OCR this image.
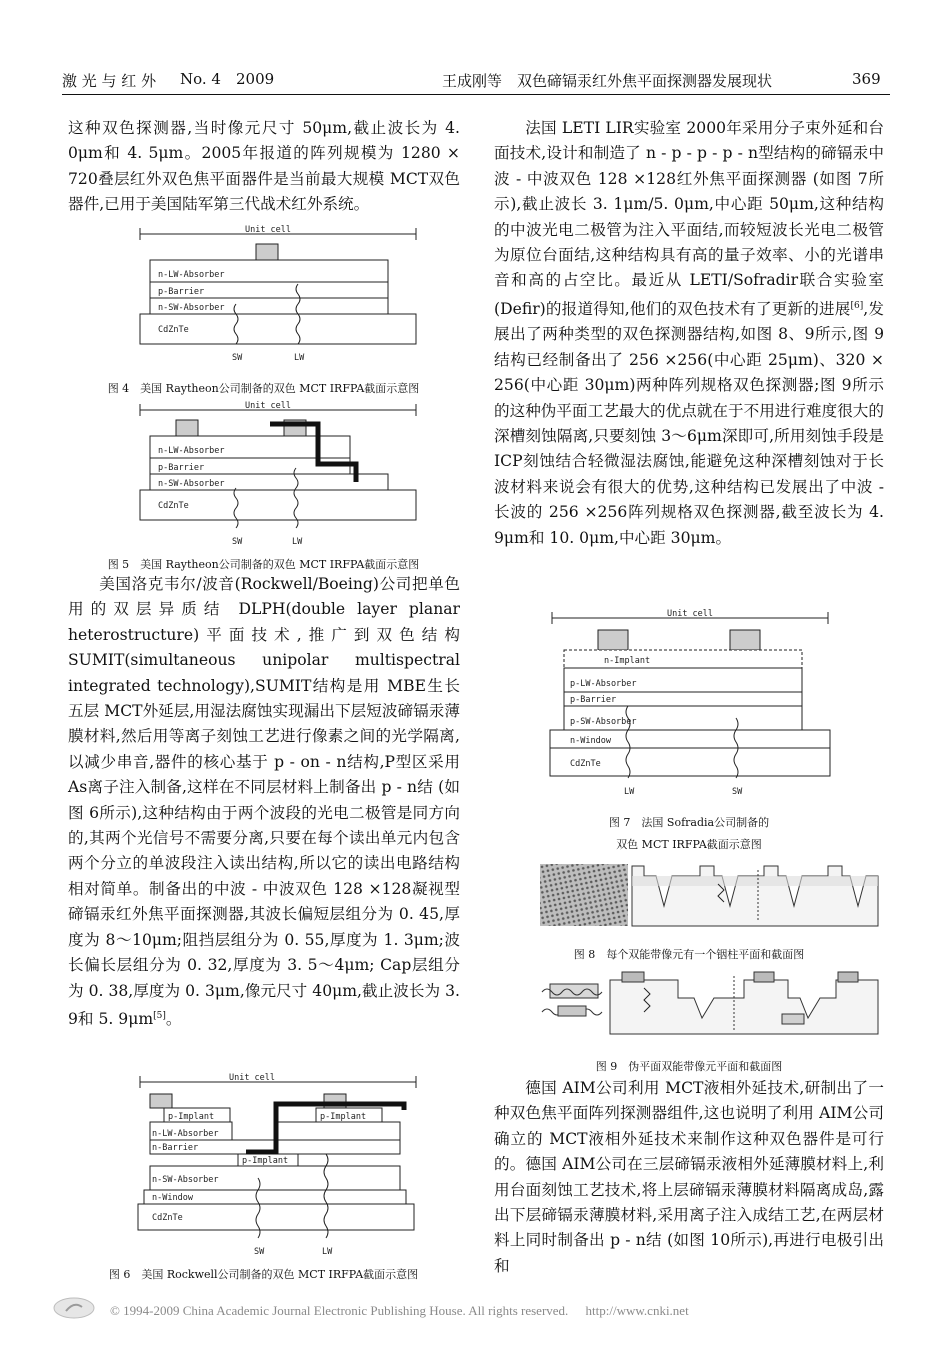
激 光 与 红 外 No. 4 2009	王成刚等　双色碲镉汞红外焦平面探测器发展现状	369

这种双色探测器,当时像元尺寸 50μm,截止波长为 4. 0μm和 4. 5μm。2005年报道的阵列规模为 1280 × 720叠层红外双色焦平面器件是当前最大规模 MCT双色器件,已用于美国陆军第三代战术红外系统。

Unit cell
n-LW-Absorber
p-Barrier
n-SW-Absorber
CdZnTe
SW	LW
图 4　美国 Raytheon公司制备的双色 MCT IRFPA截面示意图
Unit cell
n-LW-Absorber
p-Barrier
n-SW-Absorber
CdZnTe
SW	LW
图 5　美国 Raytheon公司制备的双色 MCT IRFPA截面示意图

美国洛克韦尔/波音(Rockwell/Boeing)公司把单色用的双层异质结 DLPH(double layer planar heterostructure)平面技术,推广到双色结构 SUMIT(simultaneous unipolar multispectral integrated technology),SUMIT结构是用 MBE生长五层 MCT外延层,用湿法腐蚀实现漏出下层短波碲镉汞薄膜材料,然后用等离子刻蚀工艺进行像素之间的光学隔离,以减少串音,器件的核心基于 p - on - n结构,P型区采用 As离子注入制备,这样在不同层材料上制备出 p - n结 (如图 6所示),这种结构由于两个波段的光电二极管是同方向的,其两个光信号不需要分离,只要在每个读出单元内包含两个分立的单波段注入读出结构,所以它的读出电路结构相对简单。制备出的中波 - 中波双色 128 ×128凝视型碲镉汞红外焦平面探测器,其波长偏短层组分为 0. 45,厚度为 8～10μm;阻挡层组分为 0. 55,厚度为 1. 3μm;波长偏长层组分为 0. 32,厚度为 3. 5～4μm; Cap层组分为 0. 38,厚度为 0. 3μm,像元尺寸 40μm,截止波长为 3. 9和 5. 9μm[5]。

Unit cell
p-Implant	p-Implant
p-Implant
n-LW-Absorber
n-Barrier
n-SW-Absorber
n-Window
CdZnTe
SW	LW
图 6　美国 Rockwell公司制备的双色 MCT IRFPA截面示意图

法国 LETI LIR实验室 2000年采用分子束外延和台面技术,设计和制造了 n - p - p - p - n型结构的碲镉汞中波 - 中波双色 128 ×128红外焦平面探测器 (如图 7所示),截止波长 3. 1μm/5. 0μm,中心距 50μm,这种结构的中波光电二极管为注入平面结,而较短波长光电二极管为原位台面结,这种结构具有高的量子效率、小的光谱串音和高的占空比。最近从 LETI/Sofradir联合实验室 (Defir)的报道得知,他们的双色技术有了更新的进展[6],发展出了两种类型的双色探测器结构,如图 8、9所示,图 9结构已经制备出了 256 ×256(中心距 25μm)、320 × 256(中心距 30μm)两种阵列规格双色探测器;图 9所示的这种伪平面工艺最大的优点就在于不用进行难度很大的深槽刻蚀隔离,只要刻蚀 3～6μm深即可,所用刻蚀手段是 ICP刻蚀结合轻微湿法腐蚀,能避免这种深槽刻蚀对于长波材料来说会有很大的优势,这种结构已发展出了中波 - 长波的 256 ×256阵列规格双色探测器,截至波长为 4. 9μm和 10. 0μm,中心距 30μm。

Unit cell
n-Implant
p-LW-Absorber
p-Barrier
p-SW-Absorber
n-Window
CdZnTe
LW	SW
图 7　法国 Sofradia公司制备的
双色 MCT IRFPA截面示意图
图 8　每个双能带像元有一个铟柱平面和截面图
图 9　伪平面双能带像元平面和截面图

德国 AIM公司利用 MCT液相外延技术,研制出了一种双色焦平面阵列探测器组件,这也说明了利用 AIM公司确立的 MCT液相外延技术来制作这种双色器件是可行的。德国 AIM公司在三层碲镉汞液相外延薄膜材料上,利用台面刻蚀工艺技术,将上层碲镉汞薄膜材料隔离成岛,露出下层碲镉汞薄膜材料,采用离子注入成结工艺,在两层材料上同时制备出 p - n结 (如图 10所示),再进行电极引出和

© 1994-2009 China Academic Journal Electronic Publishing House. All rights reserved. http://www.cnki.net
